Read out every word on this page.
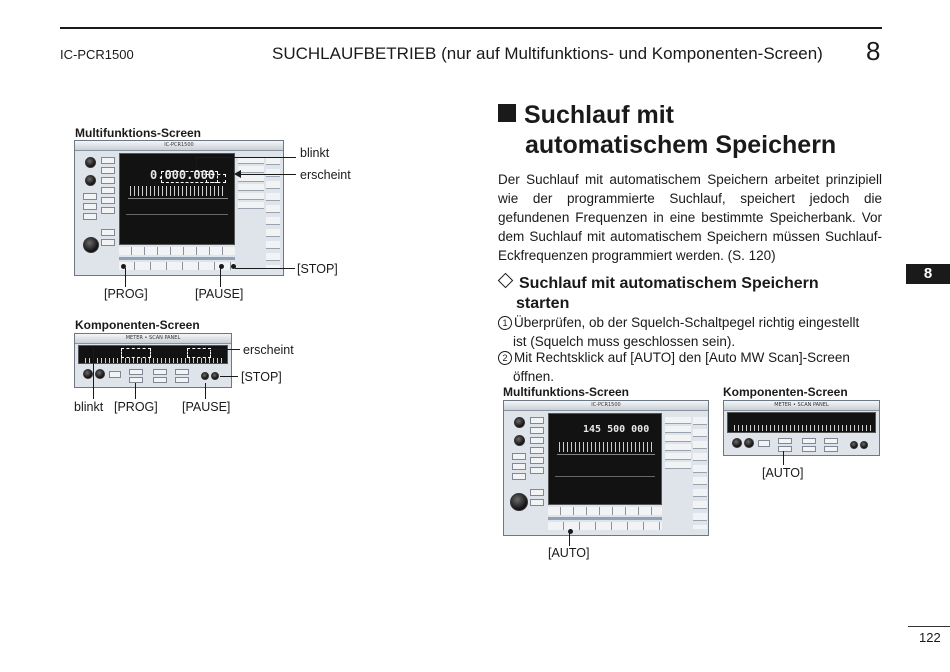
IC-PCR1500	SUCHLAUFBETRIEB (nur auf Multifunktions- und Komponenten-Screen) 8
8
122
Multifunktions-Screen
IC-PCR1500
0.000.000
blinkt
erscheint
[STOP]
[PROG]	[PAUSE]
Komponenten-Screen
METER • SCAN PANEL
erscheint
[STOP]
blinkt [PROG] [PAUSE]
Suchlauf mit
automatischem Speichern
Der Suchlauf mit automatischem Speichern arbeitet prinzipiell wie der programmierte Suchlauf, speichert jedoch die gefundenen Frequenzen in eine bestimmte Speicherbank. Vor dem Suchlauf mit automatischem Speichern müssen Suchlauf-Eckfrequenzen programmiert werden. (S. 120)
Suchlauf mit automatischem Speichern
starten
1 Überprüfen, ob der Squelch-Schaltpegel richtig eingestellt
ist (Squelch muss geschlossen sein).
2 Mit Rechtsklick auf [AUTO] den [Auto MW Scan]-Screen
öffnen.
Multifunktions-Screen	Komponenten-Screen
IC-PCR1500
145 500 000
[AUTO]
METER • SCAN PANEL
[AUTO]
